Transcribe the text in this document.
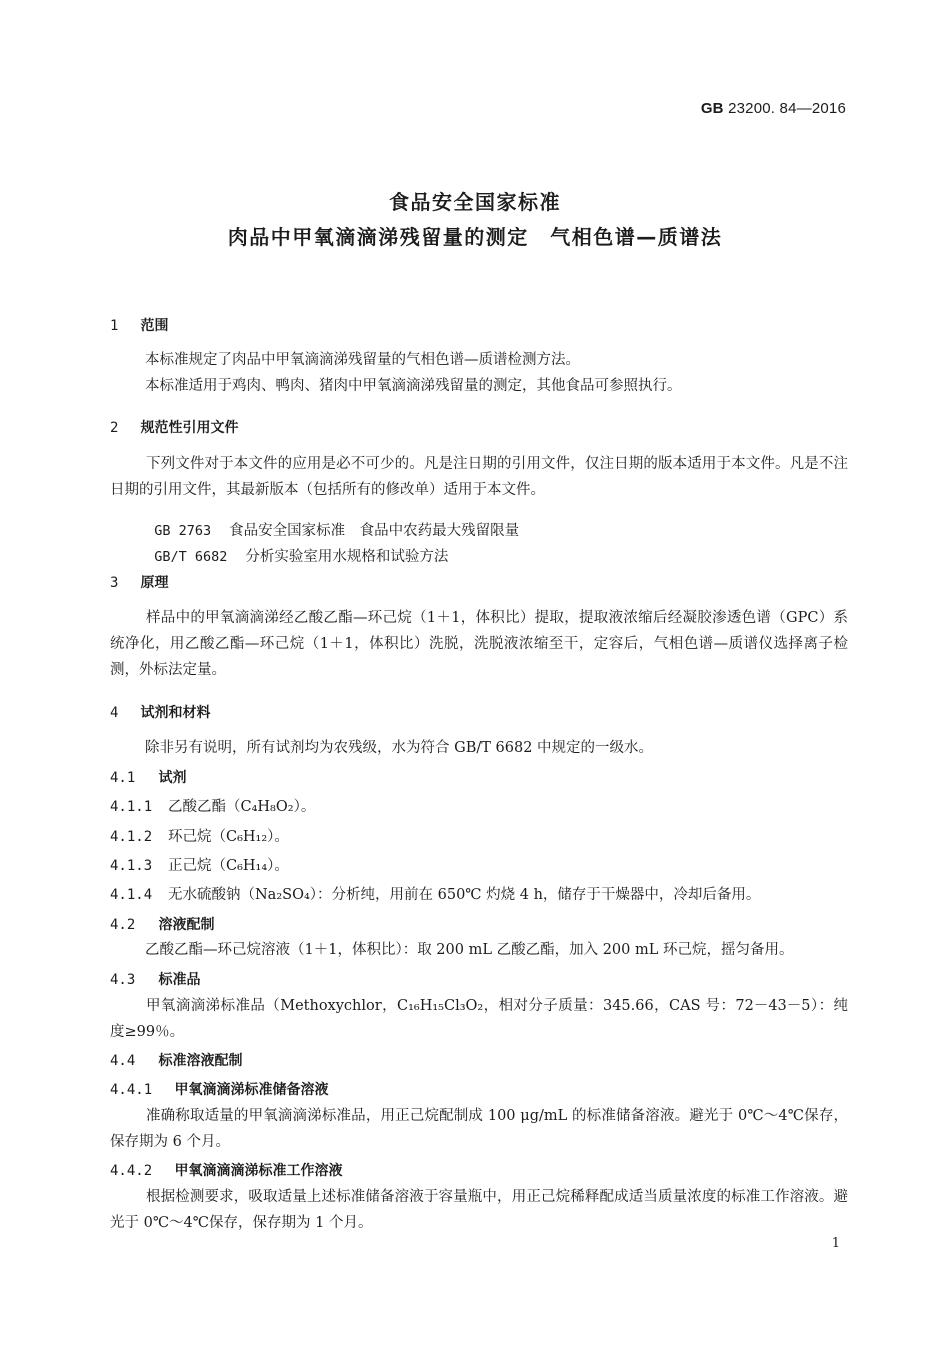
GB 23200. 84—2016
食品安全国家标准
肉品中甲氧滴滴涕残留量的测定　气相色谱—质谱法
1 范围
本标准规定了肉品中甲氧滴滴涕残留量的气相色谱—质谱检测方法。
本标准适用于鸡肉、鸭肉、猪肉中甲氧滴滴涕残留量的测定，其他食品可参照执行。
2 规范性引用文件
下列文件对于本文件的应用是必不可少的。凡是注日期的引用文件，仅注日期的版本适用于本文件。凡是不注日期的引用文件，其最新版本（包括所有的修改单）适用于本文件。

GB 2763 食品安全国家标准　食品中农药最大残留限量

GB/T 6682 分析实验室用水规格和试验方法

3 原理
样品中的甲氧滴滴涕经乙酸乙酯—环己烷（1＋1，体积比）提取，提取液浓缩后经凝胶渗透色谱（GPC）系统净化，用乙酸乙酯—环己烷（1＋1，体积比）洗脱，洗脱液浓缩至干，定容后，气相色谱—质谱仪选择离子检测，外标法定量。
4 试剂和材料
除非另有说明，所有试剂均为农残级，水为符合 GB/T 6682 中规定的一级水。
4.1 试剂
4.1.1 乙酸乙酯（C₄H₈O₂）。
4.1.2 环己烷（C₆H₁₂）。
4.1.3 正己烷（C₆H₁₄）。
4.1.4 无水硫酸钠（Na₂SO₄）：分析纯，用前在 650℃ 灼烧 4 h，储存于干燥器中，冷却后备用。
4.2 溶液配制
乙酸乙酯—环己烷溶液（1＋1，体积比）：取 200 mL 乙酸乙酯，加入 200 mL 环己烷，摇匀备用。
4.3 标准品
甲氧滴滴涕标准品（Methoxychlor，C₁₆H₁₅Cl₃O₂，相对分子质量：345.66，CAS 号：72－43－5）：纯度≥99％。
4.4 标准溶液配制
4.4.1 甲氧滴滴涕标准储备溶液
准确称取适量的甲氧滴滴涕标准品，用正己烷配制成 100 μg/mL 的标准储备溶液。避光于 0℃～4℃保存，保存期为 6 个月。
4.4.2 甲氧滴滴滴涕标准工作溶液
根据检测要求，吸取适量上述标准储备溶液于容量瓶中，用正己烷稀释配成适当质量浓度的标准工作溶液。避光于 0℃～4℃保存，保存期为 1 个月。
1
